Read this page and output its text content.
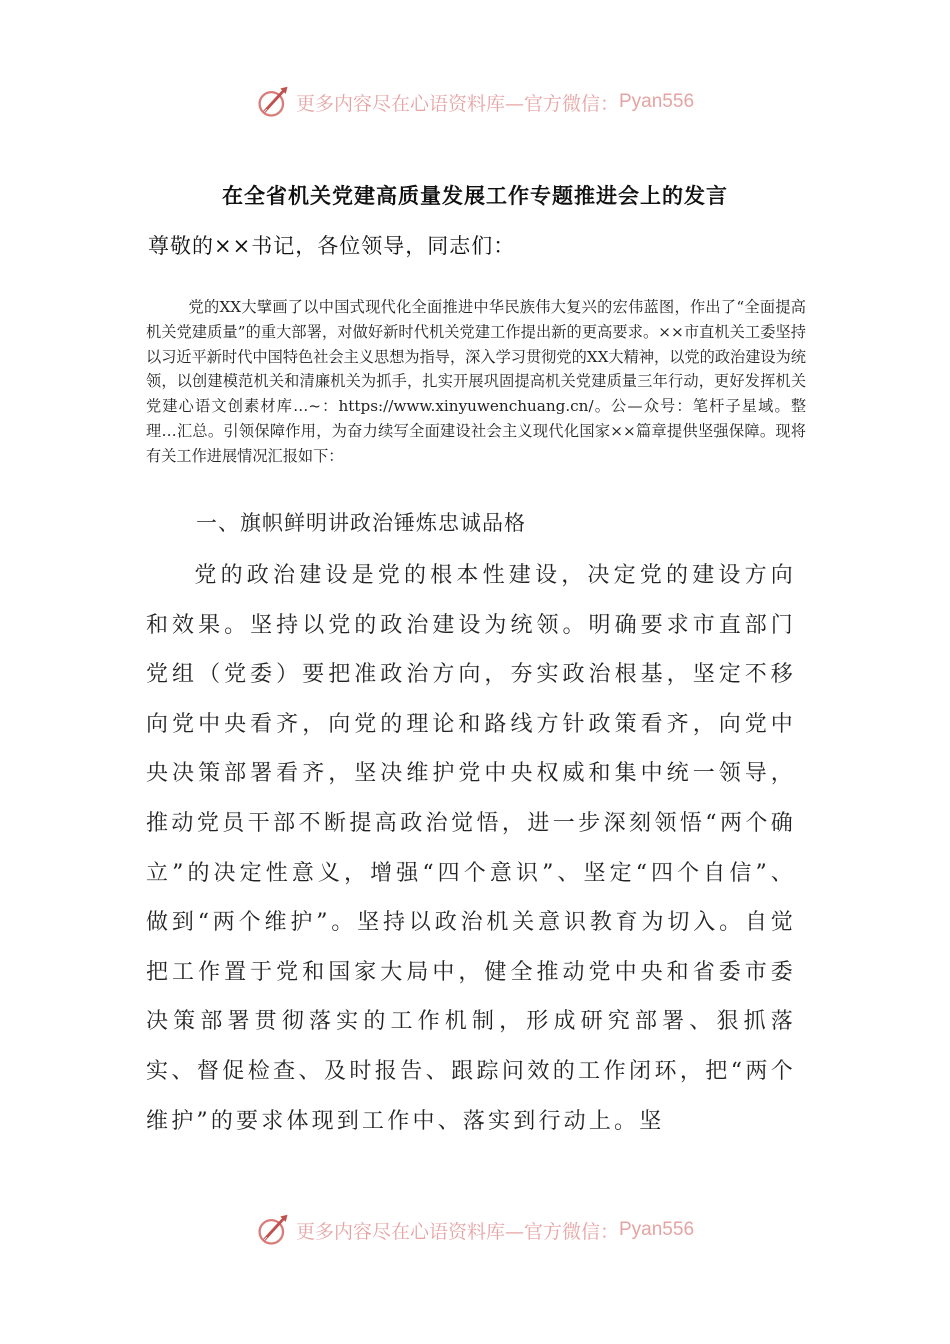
更多内容尽在心语资料库—官方微信： Pyan556
在全省机关党建高质量发展工作专题推进会上的发言
尊敬的××书记，各位领导，同志们：
党的XX大擘画了以中国式现代化全面推进中华民族伟大复兴的宏伟蓝图，作出了“全面提高机关党建质量”的重大部署，对做好新时代机关党建工作提出新的更高要求。××市直机关工委坚持以习近平新时代中国特色社会主义思想为指导，深入学习贯彻党的XX大精神，以党的政治建设为统领，以创建模范机关和清廉机关为抓手，扎实开展巩固提高机关党建质量三年行动，更好发挥机关党建心语文创素材库…~：https://www.xinyuwenchuang.cn/。公—众号：笔杆子星域。整理…汇总。引领保障作用，为奋力续写全面建设社会主义现代化国家××篇章提供坚强保障。现将有关工作进展情况汇报如下：
一、旗帜鲜明讲政治锤炼忠诚品格
党的政治建设是党的根本性建设，决定党的建设方向和效果。坚持以党的政治建设为统领。明确要求市直部门党组（党委）要把准政治方向，夯实政治根基，坚定不移向党中央看齐，向党的理论和路线方针政策看齐，向党中央决策部署看齐，坚决维护党中央权威和集中统一领导，推动党员干部不断提高政治觉悟，进一步深刻领悟“两个确立”的决定性意义，增强“四个意识”、坚定“四个自信”、做到“两个维护”。坚持以政治机关意识教育为切入。自觉把工作置于党和国家大局中，健全推动党中央和省委市委决策部署贯彻落实的工作机制，形成研究部署、狠抓落实、督促检查、及时报告、跟踪问效的工作闭环，把“两个维护”的要求体现到工作中、落实到行动上。坚
更多内容尽在心语资料库—官方微信： Pyan556
